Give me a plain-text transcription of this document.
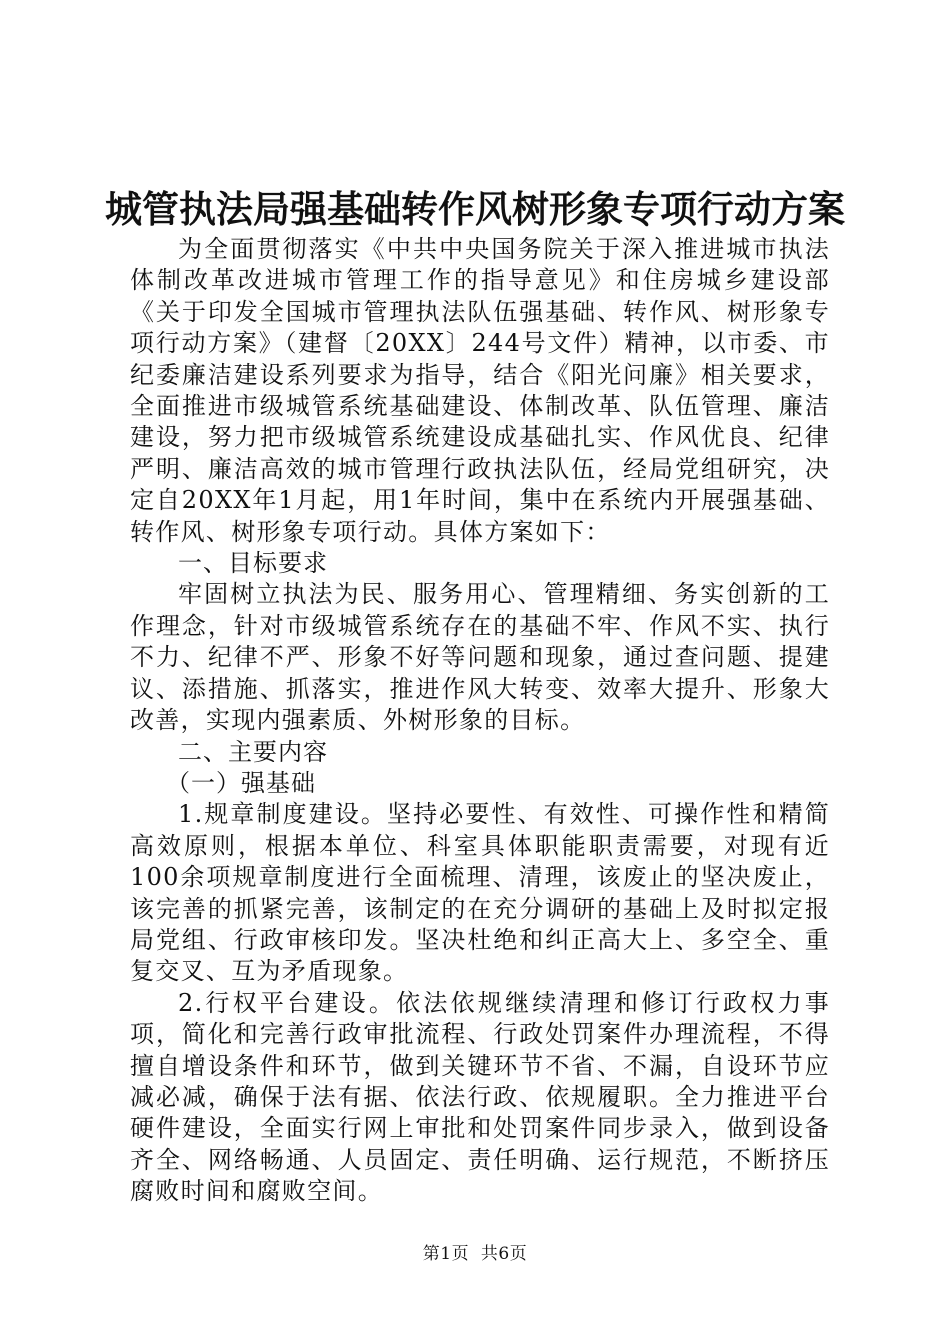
城管执法局强基础转作风树形象专项行动方案

为全面贯彻落实《中共中央国务院关于深入推进城市执法体制改革改进城市管理工作的指导意见》和住房城乡建设部《关于印发全国城市管理执法队伍强基础、转作风、树形象专项行动方案》（建督〔20XX〕244号文件）精神，以市委、市纪委廉洁建设系列要求为指导，结合《阳光问廉》相关要求，全面推进市级城管系统基础建设、体制改革、队伍管理、廉洁建设，努力把市级城管系统建设成基础扎实、作风优良、纪律严明、廉洁高效的城市管理行政执法队伍，经局党组研究，决定自20XX年1月起，用1年时间，集中在系统内开展强基础、转作风、树形象专项行动。具体方案如下：

一、目标要求

牢固树立执法为民、服务用心、管理精细、务实创新的工作理念，针对市级城管系统存在的基础不牢、作风不实、执行不力、纪律不严、形象不好等问题和现象，通过查问题、提建议、添措施、抓落实，推进作风大转变、效率大提升、形象大改善，实现内强素质、外树形象的目标。

二、主要内容

（一）强基础

1.规章制度建设。坚持必要性、有效性、可操作性和精简高效原则，根据本单位、科室具体职能职责需要，对现有近100余项规章制度进行全面梳理、清理，该废止的坚决废止，该完善的抓紧完善，该制定的在充分调研的基础上及时拟定报局党组、行政审核印发。坚决杜绝和纠正高大上、多空全、重复交叉、互为矛盾现象。

2.行权平台建设。依法依规继续清理和修订行政权力事项，简化和完善行政审批流程、行政处罚案件办理流程，不得擅自增设条件和环节，做到关键环节不省、不漏，自设环节应减必减，确保于法有据、依法行政、依规履职。全力推进平台硬件建设，全面实行网上审批和处罚案件同步录入，做到设备齐全、网络畅通、人员固定、责任明确、运行规范，不断挤压腐败时间和腐败空间。

第1页  共6页
